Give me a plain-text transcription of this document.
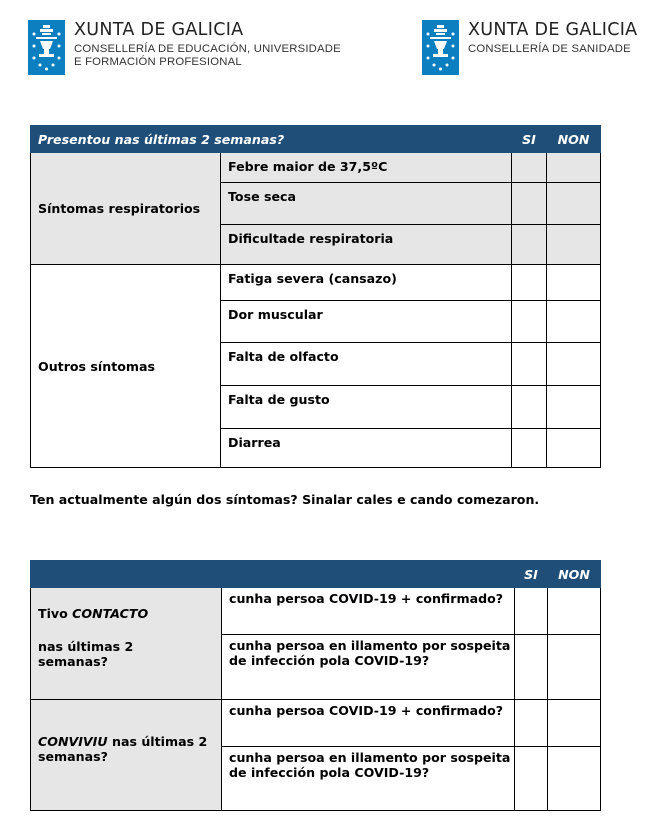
XUNTA DE GALICIA
CONSELLERÍA DE EDUCACIÓN, UNIVERSIDADE
E FORMACIÓN PROFESIONAL
XUNTA DE GALICIA
CONSELLERÍA DE SANIDADE
Presentou nas últimas 2 semanas?		SI	NON
Síntomas respiratorios	Febre maior de 37,5ºC		
	Tose seca		
	Dificultade respiratoria		
Outros síntomas	Fatiga severa (cansazo)		
	Dor muscular		
	Falta de olfacto		
	Falta de gusto		
	Diarrea		
Ten actualmente algún dos síntomas? Sinalar cales e cando comezaron.
		SI	NON

Tivo CONTACTO
nas últimas 2 semanas?	cunha persoa COVID-19 + confirmado?		
	cunha persoa en illamento por sospeita de infección pola COVID-19?		

CONVIVIU nas últimas 2 semanas?	cunha persoa COVID-19 + confirmado?		
	cunha persoa en illamento por sospeita de infección pola COVID-19?		
